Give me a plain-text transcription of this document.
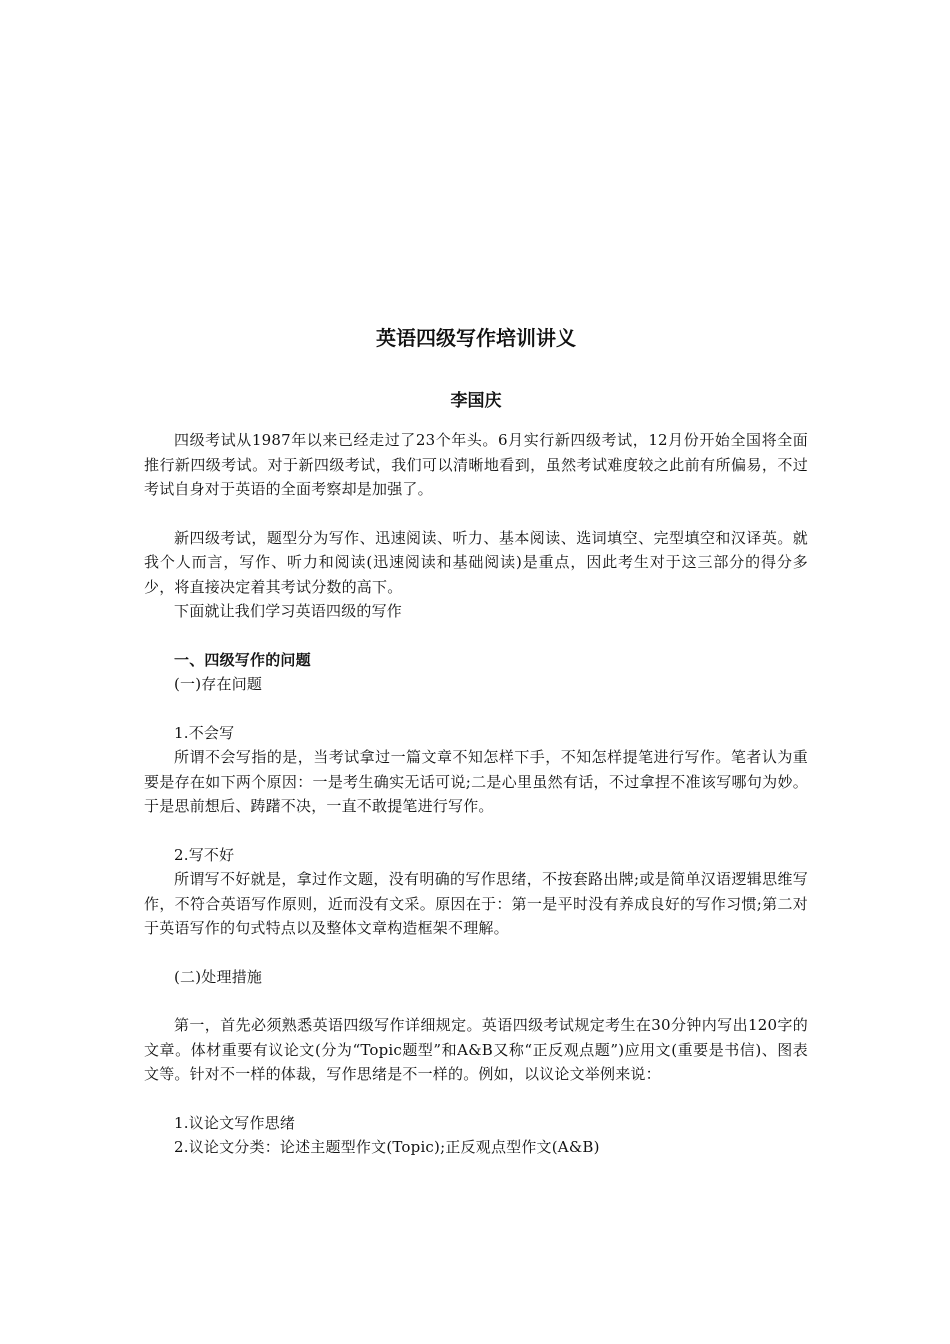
英语四级写作培训讲义
李国庆

四级考试从1987年以来已经走过了23个年头。6月实行新四级考试，12月份开始全国将全面推行新四级考试。对于新四级考试，我们可以清晰地看到，虽然考试难度较之此前有所偏易，不过考试自身对于英语的全面考察却是加强了。

新四级考试，题型分为写作、迅速阅读、听力、基本阅读、选词填空、完型填空和汉译英。就我个人而言，写作、听力和阅读(迅速阅读和基础阅读)是重点，因此考生对于这三部分的得分多少，将直接决定着其考试分数的高下。

下面就让我们学习英语四级的写作

一、四级写作的问题

(一)存在问题

1.不会写

所谓不会写指的是，当考试拿过一篇文章不知怎样下手，不知怎样提笔进行写作。笔者认为重要是存在如下两个原因：一是考生确实无话可说;二是心里虽然有话，不过拿捏不准该写哪句为妙。于是思前想后、踌躇不决，一直不敢提笔进行写作。

2.写不好

所谓写不好就是，拿过作文题，没有明确的写作思绪，不按套路出牌;或是简单汉语逻辑思维写作，不符合英语写作原则，近而没有文采。原因在于：第一是平时没有养成良好的写作习惯;第二对于英语写作的句式特点以及整体文章构造框架不理解。

(二)处理措施

第一，首先必须熟悉英语四级写作详细规定。英语四级考试规定考生在30分钟内写出120字的文章。体材重要有议论文(分为“Topic题型”和A&B又称“正反观点题”)应用文(重要是书信)、图表文等。针对不一样的体裁，写作思绪是不一样的。例如，以议论文举例来说：

1.议论文写作思绪

2.议论文分类：论述主题型作文(Topic);正反观点型作文(A&B)
